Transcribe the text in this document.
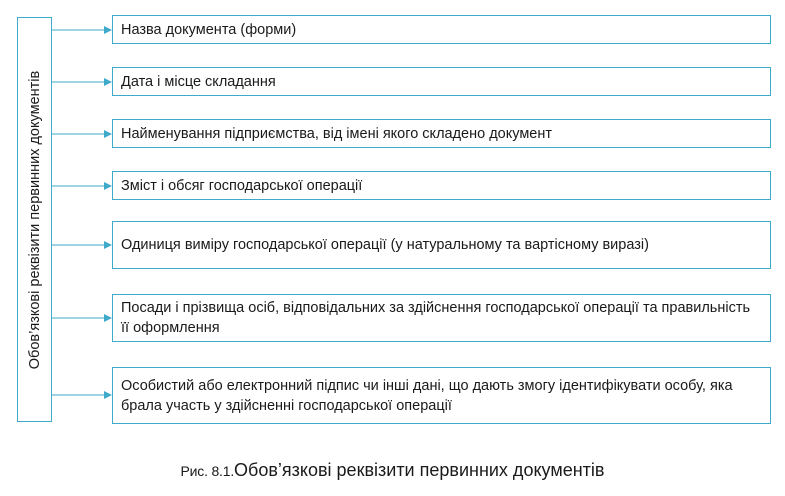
Обов’язкові реквізити первинних документів
Назва документа (форми)
Дата і місце складання
Найменування підприємства, від імені якого складено документ
Зміст і обсяг господарської операції
Одиниця виміру господарської операції (у натуральному та вартісному виразі)
Посади і прізвища осіб, відповідальних за здійснення господарської операції та правильність її оформлення
Особистий або електронний підпис чи інші дані, що дають змогу ідентифікувати особу, яка брала участь у здійсненні господарської операції
Рис. 8.1.Обов’язкові реквізити первинних документів
